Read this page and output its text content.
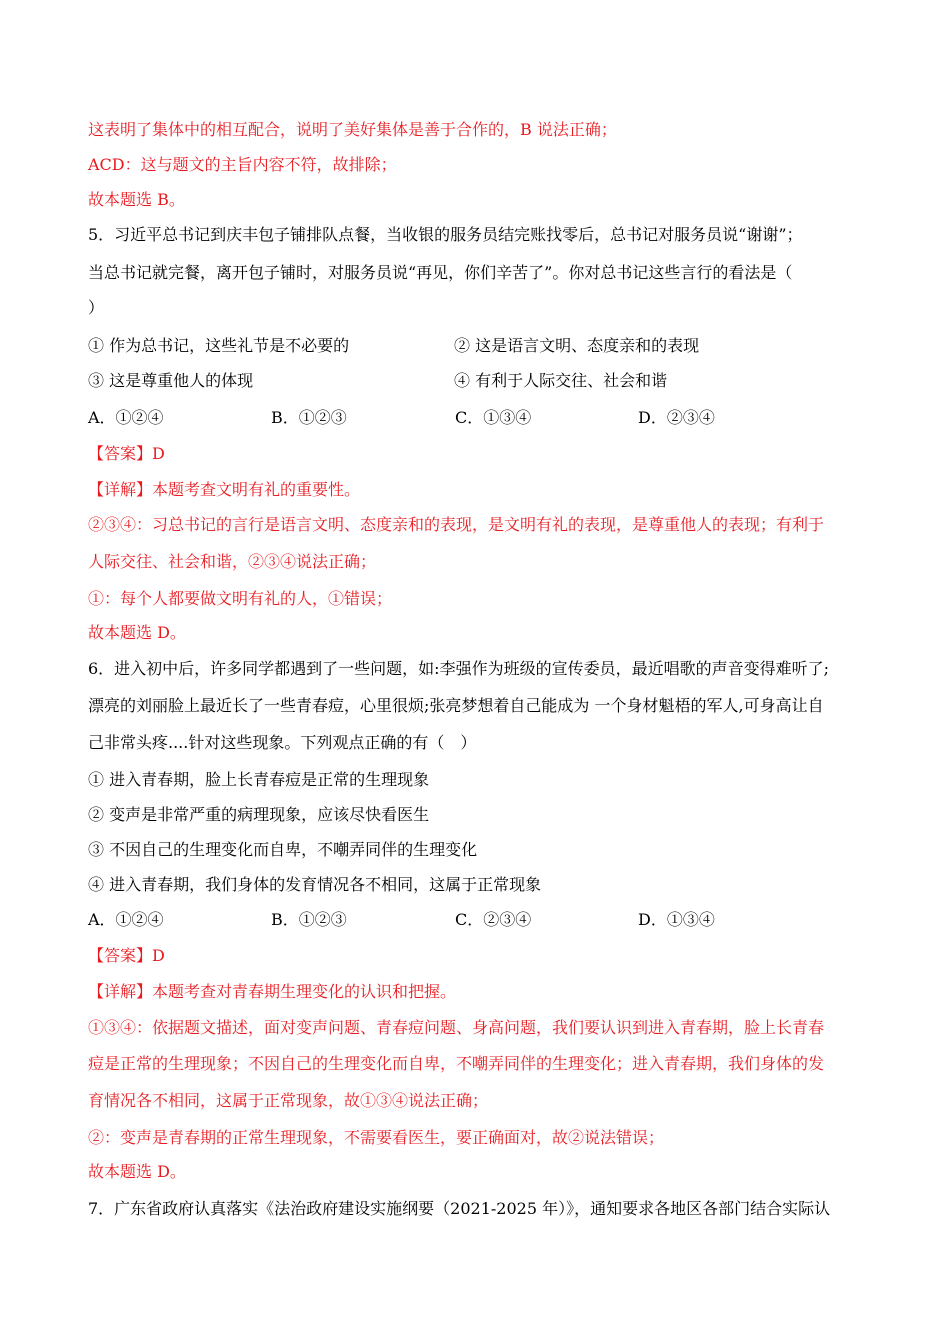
这表明了集体中的相互配合，说明了美好集体是善于合作的，B 说法正确；
ACD：这与题文的主旨内容不符，故排除；
故本题选 B。
5．习近平总书记到庆丰包子铺排队点餐，当收银的服务员结完账找零后，总书记对服务员说“谢谢”；
当总书记就完餐，离开包子铺时，对服务员说“再见，你们辛苦了”。你对总书记这些言行的看法是（
）
① 作为总书记，这些礼节是不必要的	② 这是语言文明、态度亲和的表现
③ 这是尊重他人的体现	④ 有利于人际交往、社会和谐
A．①②④	B．①②③	C．①③④	D．②③④
【答案】D
【详解】本题考查文明有礼的重要性。
②③④：习总书记的言行是语言文明、态度亲和的表现，是文明有礼的表现，是尊重他人的表现；有利于
人际交往、社会和谐，②③④说法正确；
①：每个人都要做文明有礼的人，①错误；
故本题选 D。
6．进入初中后，许多同学都遇到了一些问题，如:李强作为班级的宣传委员，最近唱歌的声音变得难听了;
漂亮的刘丽脸上最近长了一些青春痘，心里很烦;张亮梦想着自己能成为 一个身材魁梧的军人,可身高让自
己非常头疼....针对这些现象。下列观点正确的有（　）
① 进入青春期，脸上长青春痘是正常的生理现象
② 变声是非常严重的病理现象，应该尽快看医生
③ 不因自己的生理变化而自卑，不嘲弄同伴的生理变化
④ 进入青春期，我们身体的发育情况各不相同，这属于正常现象
A．①②④	B．①②③	C．②③④	D．①③④
【答案】D
【详解】本题考查对青春期生理变化的认识和把握。
①③④：依据题文描述，面对变声问题、青春痘问题、身高问题，我们要认识到进入青春期，脸上长青春
痘是正常的生理现象；不因自己的生理变化而自卑，不嘲弄同伴的生理变化；进入青春期，我们身体的发
育情况各不相同，这属于正常现象，故①③④说法正确；
②：变声是青春期的正常生理现象，不需要看医生，要正确面对，故②说法错误；
故本题选 D。
7．广东省政府认真落实《法治政府建设实施纲要（2021-2025 年）》，通知要求各地区各部门结合实际认
